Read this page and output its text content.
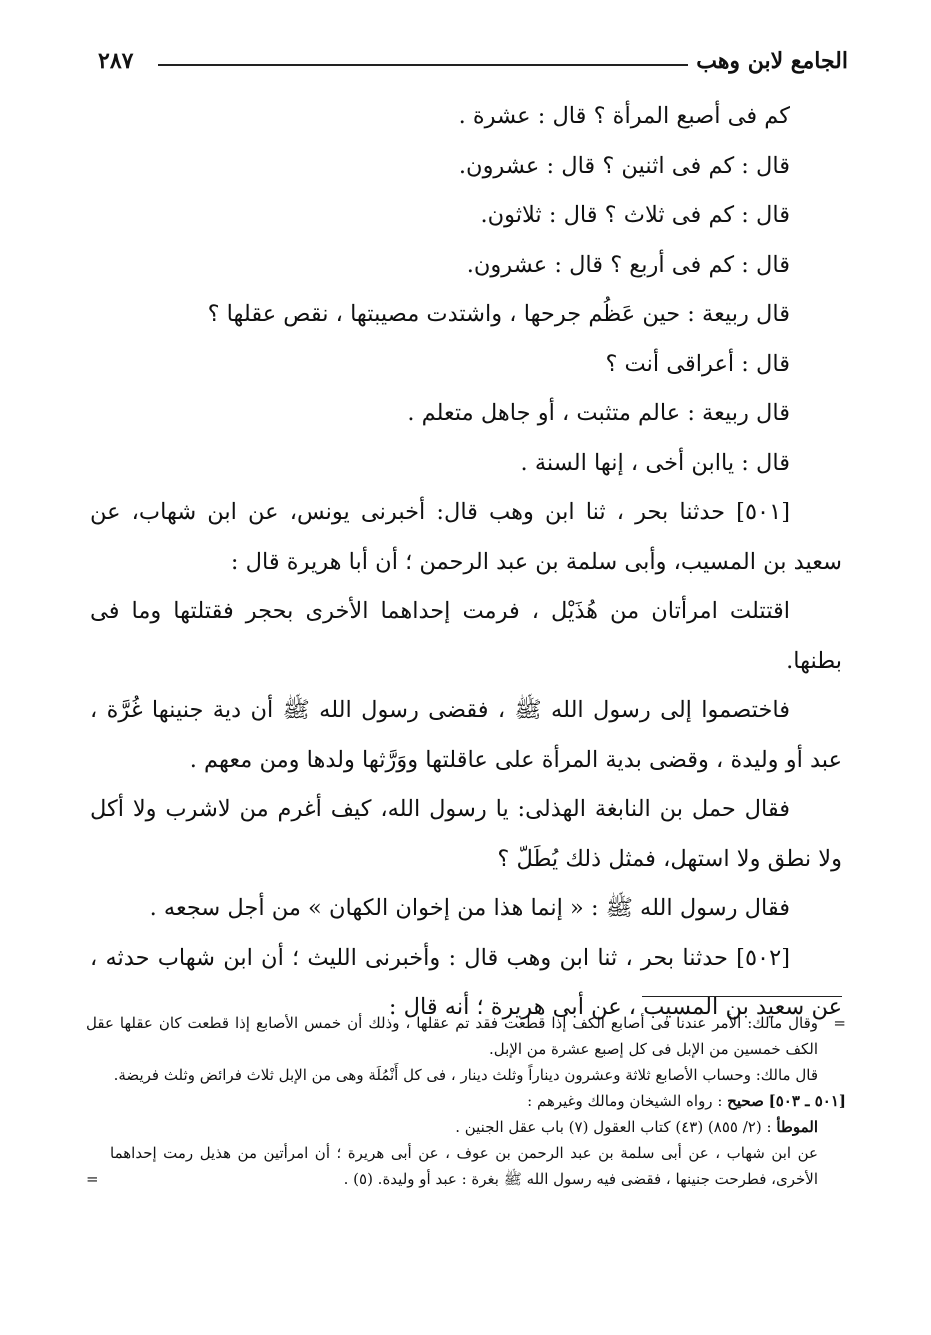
الجامع لابن وهب
٢٨٧

كم فى أصبع المرأة ؟ قال : عشرة .

قال : كم فى اثنين ؟ قال : عشرون.

قال : كم فى ثلاث ؟ قال : ثلاثون.

قال : كم فى أربع ؟ قال : عشرون.

قال ربيعة : حين عَظُم جرحها ، واشتدت مصيبتها ، نقص عقلها ؟

قال : أعراقى أنت ؟

قال ربيعة : عالم متثبت ، أو جاهل متعلم .

قال : ياابن أخى ، إنها السنة .

[٥٠١] حدثنا بحر ، ثنا ابن وهب قال: أخبرنى يونس، عن ابن شهاب، عن سعيد بن المسيب، وأبى سلمة بن عبد الرحمن ؛ أن أبا هريرة قال :

اقتتلت امرأتان من هُذَيْل ، فرمت إحداهما الأخرى بحجر فقتلتها وما فى بطنها.

فاختصموا إلى رسول الله ﷺ ، فقضى رسول الله ﷺ أن دية جنينها غُرَّة ، عبد أو وليدة ، وقضى بدية المرأة على عاقلتها ووَرَّثها ولدها ومن معهم .

فقال حمل بن النابغة الهذلى: يا رسول الله، كيف أغرم من لاشرب ولا أكل ولا نطق ولا استهل، فمثل ذلك يُطَلّ ؟

فقال رسول الله ﷺ : « إنما هذا من إخوان الكهان » من أجل سجعه .

[٥٠٢] حدثنا بحر ، ثنا ابن وهب قال : وأخبرنى الليث ؛ أن ابن شهاب حدثه ، عن سعيد بن المسيب ، عن أبى هريرة ؛ أنه قال :

=
وقال مالك: الأمر عندنا فى أصابع الكف إذا قطعت فقد تم عقلها ، وذلك أن خمس الأصابع إذا قطعت كان عقلها عقل الكف خمسين من الإبل فى كل إصبع عشرة من الإبل.

قال مالك: وحساب الأصابع ثلاثة وعشرون ديناراً وثلث دينار ، فى كل أَنْمُلَة وهى من الإبل ثلاث فرائض وثلث فريضة.

[٥٠١ ـ ٥٠٣] صحيح : رواه الشيخان ومالك وغيرهم :

الموطأ : (٢/ ٨٥٥) (٤٣) كتاب العقول (٧) باب عقل الجنين .

عن ابن شهاب ، عن أبى سلمة بن عبد الرحمن بن عوف ، عن أبى هريرة ؛ أن امرأتين من هذيل رمت إحداهما الأخرى، فطرحت جنينها ، فقضى فيه رسول الله ﷺ بغرة : عبد أو وليدة. (٥) .
=
